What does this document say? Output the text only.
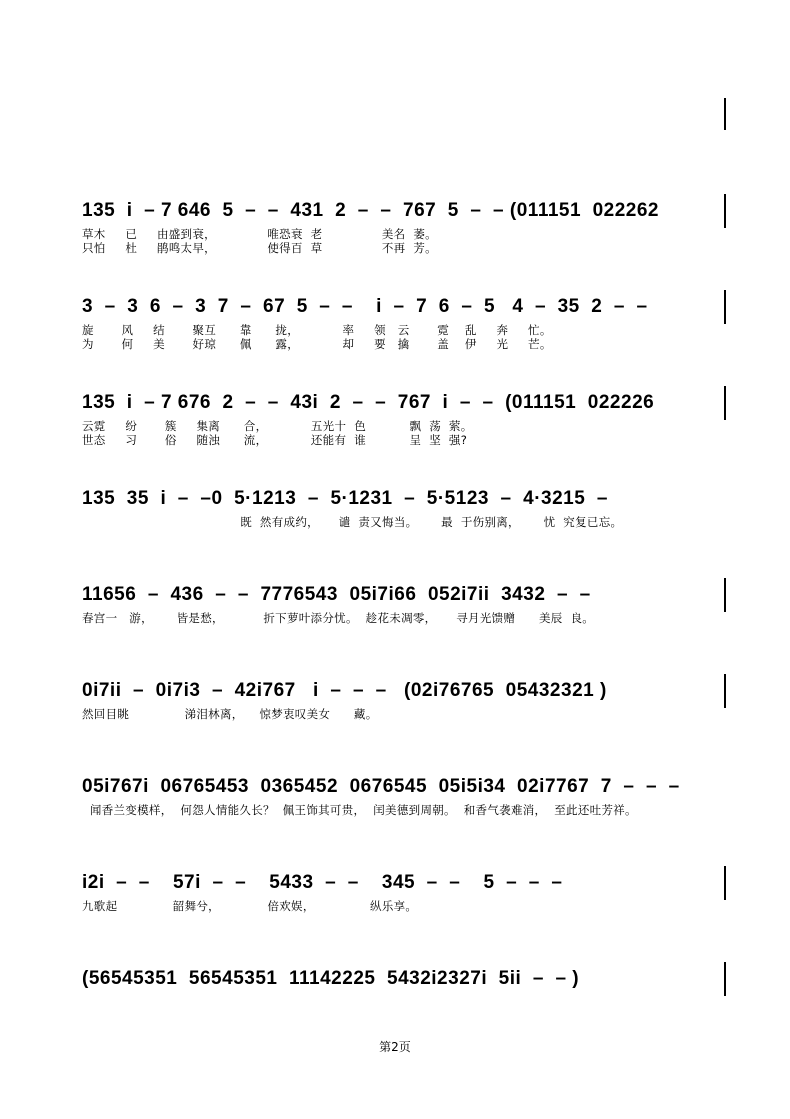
135  i  – 7 646  5  –  –  431  2  –  –  767  5  –  – (011151  022262
草木     已     由盛到衰，             唯恐衰  老               美名  萎。
只怕     杜     鹃鸣太早，             使得百  草               不再  芳。
3  –  3  6  –  3  7  –  67  5  –  –    i  –  7  6  –  5   4  –  35  2  –  –
旋       风     结       聚互      靠      拢，           率     领   云       霓    乱     奔     忙。
为       何     美       好琼      佩      露，           却     要   擒       盖    伊     光     芒。
135  i  – 7 676  2  –  –  43i  2  –  –  767  i  –  –  (011151  022226
云霓     纷       簇     集离      合，           五光十  色           飘  荡  萦。
世态     习       俗     随浊      流，           还能有  谁           呈  坚  强?
135  35  i  –  –0  5·1213  –  5·1231  –  5·5123  –  4·3215  –
既  然有成约，     谴  责又悔当。      最  于伤别离，      忧  究复已忘。
11656  –  436  –  –  7776543  05i7i66  052i7ii  3432  –  –
春宫一   游，      皆是愁，          折下萝叶添分忧。  趁花未凋零，     寻月光馈赠      美辰  良。
0i7ii  –  0i7i3  –  42i767   i  –  –  –   (02i76765  05432321 )
然回目眺              涕泪林离，    惊梦衷叹美女      藏。
05i767i  06765453  0365452  0676545  05i5i34  02i7767  7  –  –  –
闻香兰变模样，  何怨人情能久长？  佩王饰其可贵，  闰美德到周朝。  和香气袭难消，  至此还吐芳祥。
i2i  –  –    57i  –  –    5433  –  –    345  –  –    5  –  –  –
九歌起              韶舞兮，            倍欢娱，              纵乐享。
(56545351  56545351  11142225  5432i2327i  5ii  –  – )
第2页
